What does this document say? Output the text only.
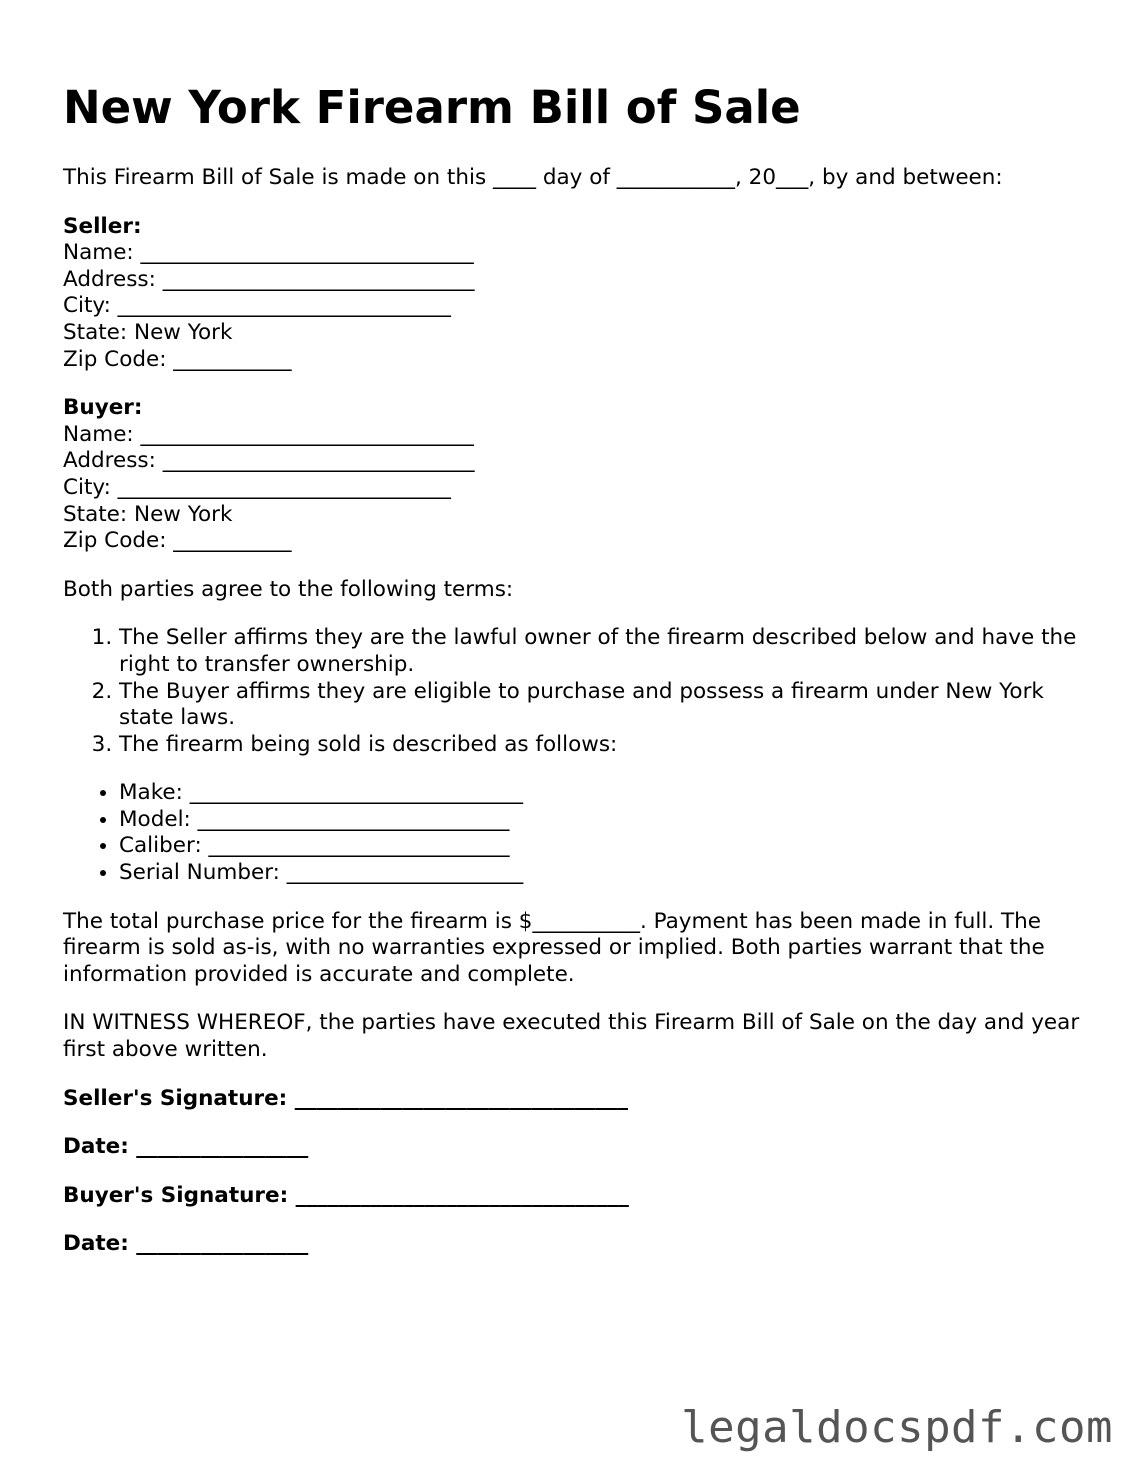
New York Firearm Bill of Sale

This Firearm Bill of Sale is made on this ____ day of ___________, 20___, by and between:

Seller:
Name: _______________________________
Address: _____________________________
City: _______________________________
State: New York
Zip Code: ___________
Buyer:
Name: _______________________________
Address: _____________________________
City: _______________________________
State: New York
Zip Code: ___________

Both parties agree to the following terms:

1. The Seller affirms they are the lawful owner of the firearm described below and have the right to transfer ownership.
2. The Buyer affirms they are eligible to purchase and possess a firearm under New York state laws.
3. The firearm being sold is described as follows:
• Make: _______________________________
• Model: _____________________________
• Caliber: ____________________________
• Serial Number: ______________________

The total purchase price for the firearm is $__________. Payment has been made in full. The firearm is sold as-is, with no warranties expressed or implied. Both parties warrant that the information provided is accurate and complete.

IN WITNESS WHEREOF, the parties have executed this Firearm Bill of Sale on the day and year first above written.

Seller's Signature: _______________________________
Date: ________________
Buyer's Signature: _______________________________
Date: ________________
legaldocspdf.com
